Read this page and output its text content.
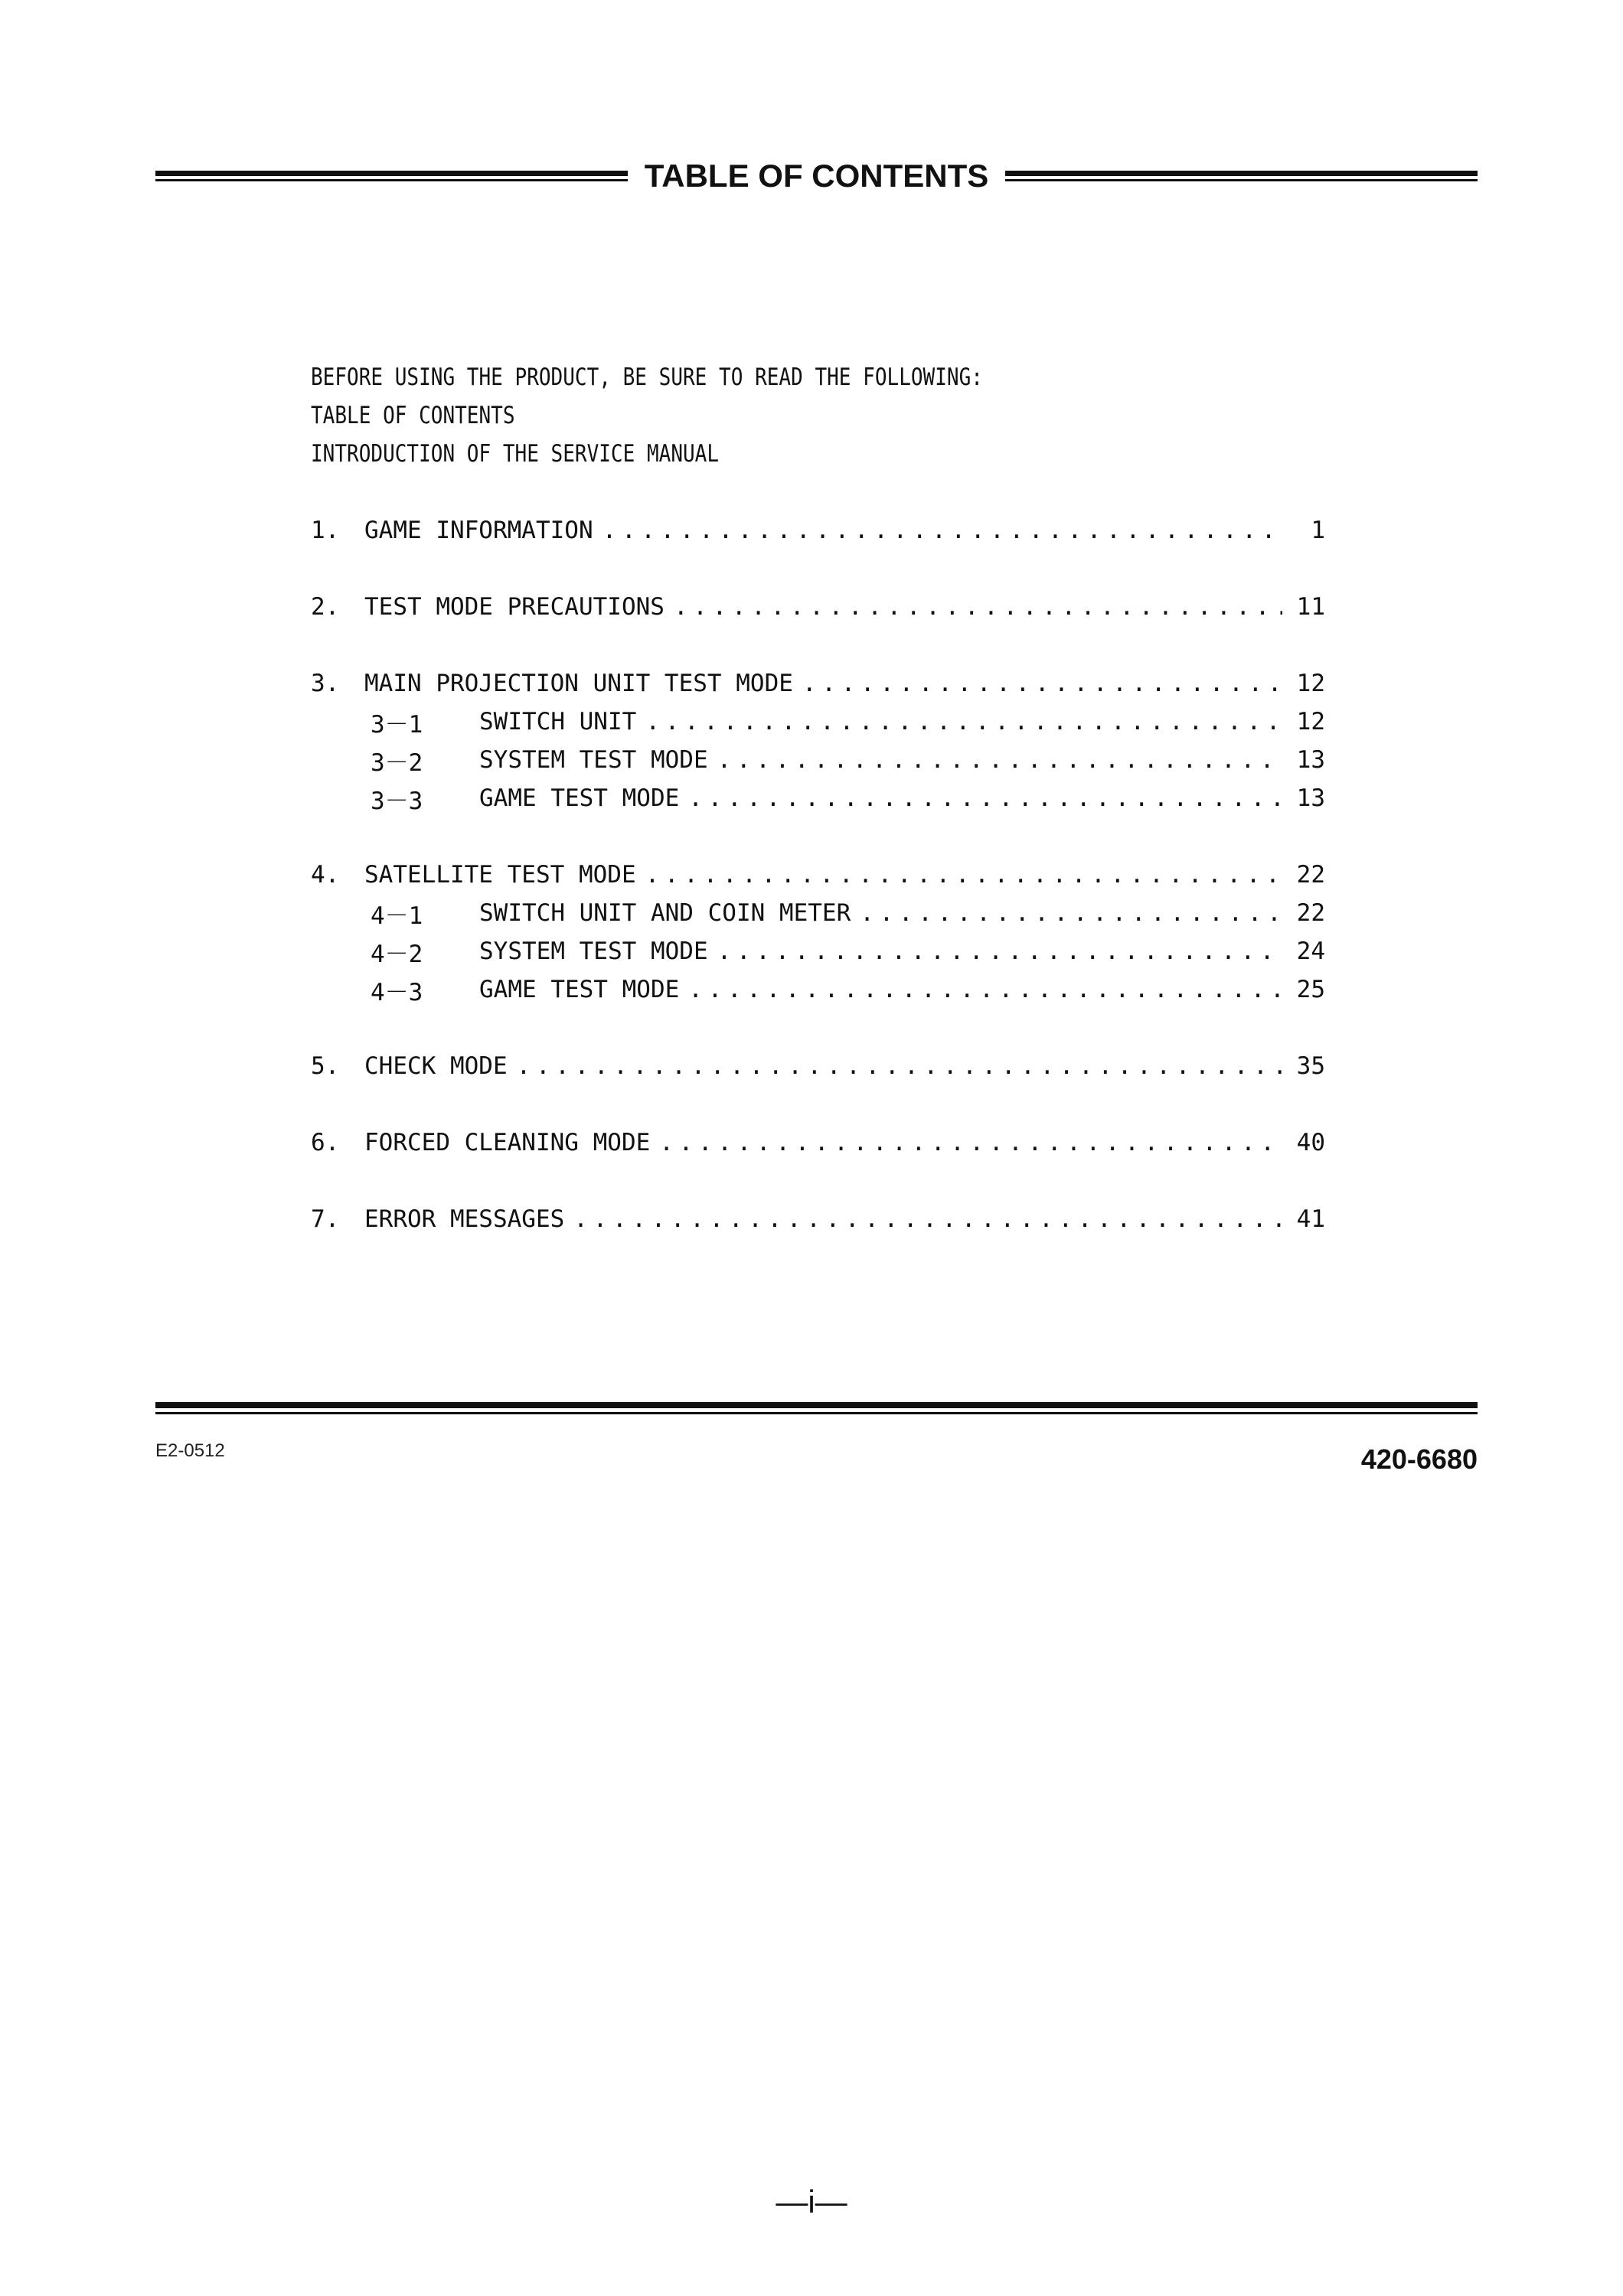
TABLE OF CONTENTS
BEFORE USING THE PRODUCT, BE SURE TO READ THE FOLLOWING:
TABLE OF CONTENTS
INTRODUCTION OF THE SERVICE MANUAL
1.	GAME INFORMATION . . .	1
2.	TEST MODE PRECAUTIONS . . .	11
3.	MAIN PROJECTION UNIT TEST MODE . . .	12
3－1	SWITCH UNIT . . .	12
3－2	SYSTEM TEST MODE . . .	13
3－3	GAME TEST MODE . . .	13
4.	SATELLITE TEST MODE . . .	22
4－1	SWITCH UNIT AND COIN METER . . .	22
4－2	SYSTEM TEST MODE . . .	24
4－3	GAME TEST MODE . . .	25
5.	CHECK MODE . . .	35
6.	FORCED CLEANING MODE . . .	40
7.	ERROR MESSAGES . . .	41
E2-0512	420-6680
—i—
